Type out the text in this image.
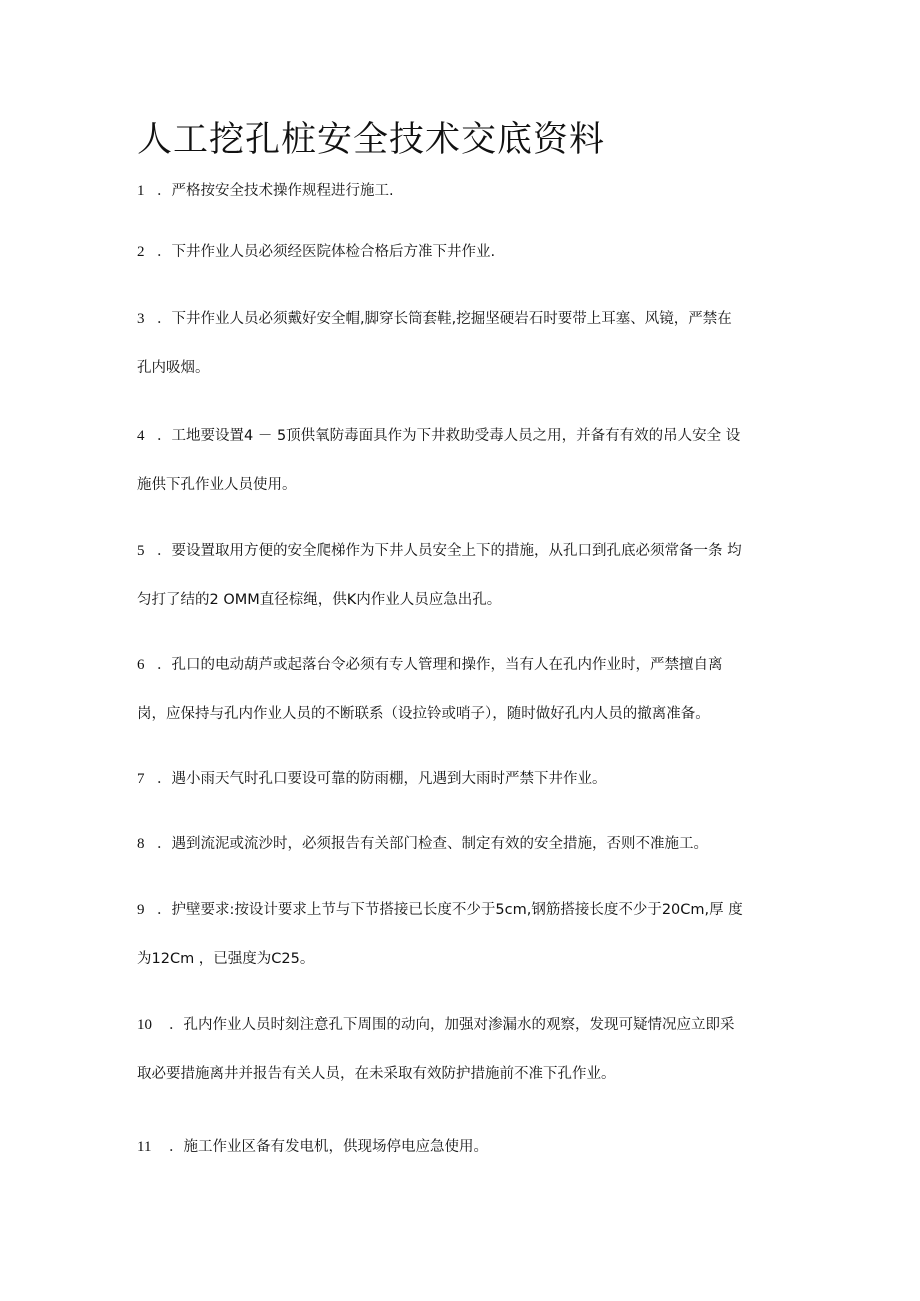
人工挖孔桩安全技术交底资料
1 ．严格按安全技术操作规程进行施工.
2 ．下井作业人员必须经医院体检合格后方准下井作业.
3 ．下井作业人员必须戴好安全帽,脚穿长筒套鞋,挖掘坚硬岩石时要带上耳塞、风镜，严禁在
孔内吸烟。
4 ．工地要设置4 － 5顶供氧防毒面具作为下井救助受毒人员之用，并备有有效的吊人安全 设
施供下孔作业人员使用。
5 ．要设置取用方便的安全爬梯作为下井人员安全上下的措施，从孔口到孔底必须常备一条 均
匀打了结的2 OMM直径棕绳，供K内作业人员应急出孔。
6 ．孔口的电动葫芦或起落台令必须有专人管理和操作，当有人在孔内作业时，严禁擅自离
岗，应保持与孔内作业人员的不断联系（设拉铃或哨子），随时做好孔内人员的撤离准备。
7 ．遇小雨天气时孔口要设可靠的防雨棚，凡遇到大雨时严禁下井作业。
8 ．遇到流泥或流沙时，必须报告有关部门检查、制定有效的安全措施，否则不准施工。
9 ．护壁要求:按设计要求上节与下节搭接已长度不少于5cm,钢筋搭接长度不少于20Cm,厚 度
为12Cm ，已强度为C25。
10 ．孔内作业人员时刻注意孔下周围的动向，加强对渗漏水的观察，发现可疑情况应立即采
取必要措施离井并报告有关人员，在未采取有效防护措施前不准下孔作业。
11 ．施工作业区备有发电机，供现场停电应急使用。
